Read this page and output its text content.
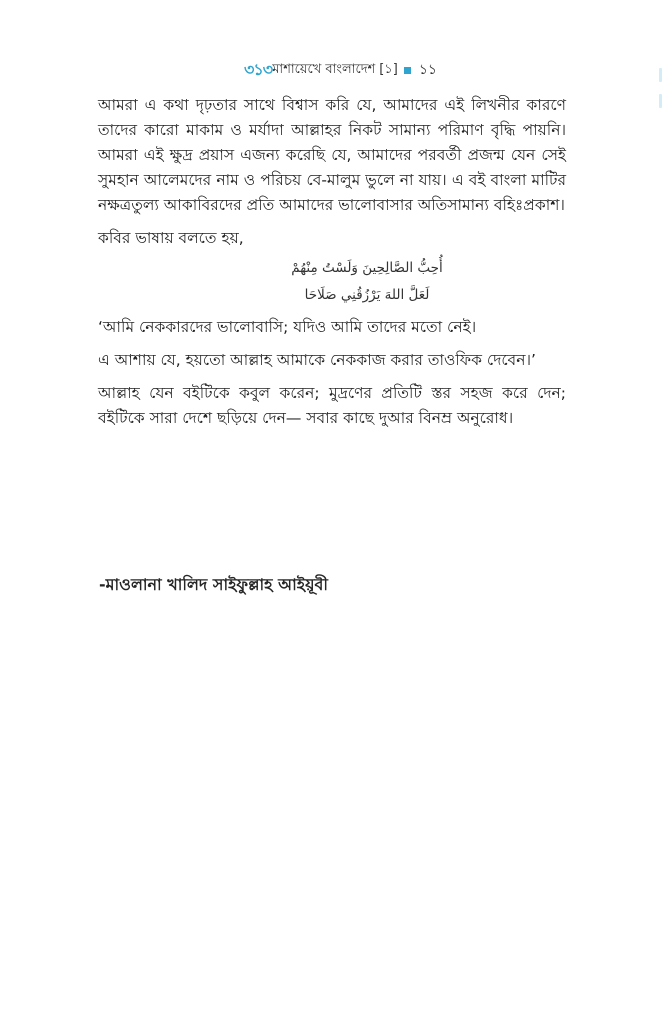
৩১৩ মাশায়েখে বাংলাদেশ [১] ১১

আমরা এ কথা দৃঢ়তার সাথে বিশ্বাস করি যে, আমাদের এই লিখনীর কারণে তাদের কারো মাকাম ও মর্যাদা আল্লাহর নিকট সামান্য পরিমাণ বৃদ্ধি পায়নি। আমরা এই ক্ষুদ্র প্রয়াস এজন্য করেছি যে, আমাদের পরবর্তী প্রজন্ম যেন সেই সুমহান আলেমদের নাম ও পরিচয় বে-মালুম ভুলে না যায়। এ বই বাংলা মাটির নক্ষত্রতুল্য আকাবিরদের প্রতি আমাদের ভালোবাসার অতিসামান্য বহিঃপ্রকাশ।

কবির ভাষায় বলতে হয়,

أُحِبُّ الصَّالِحِينَ وَلَسْتُ مِنْهُمْ
لَعَلَّ اللهَ يَرْزُقُنِي صَلَاحَا

‘আমি নেককারদের ভালোবাসি; যদিও আমি তাদের মতো নেই।

এ আশায় যে, হয়তো আল্লাহ আমাকে নেককাজ করার তাওফিক দেবেন।’

আল্লাহ যেন বইটিকে কবুল করেন; মুদ্রণের প্রতিটি স্তর সহজ করে দেন; বইটিকে সারা দেশে ছড়িয়ে দেন— সবার কাছে দুআর বিনম্র অনুরোধ।

-মাওলানা খালিদ সাইফুল্লাহ আইয়ূবী
